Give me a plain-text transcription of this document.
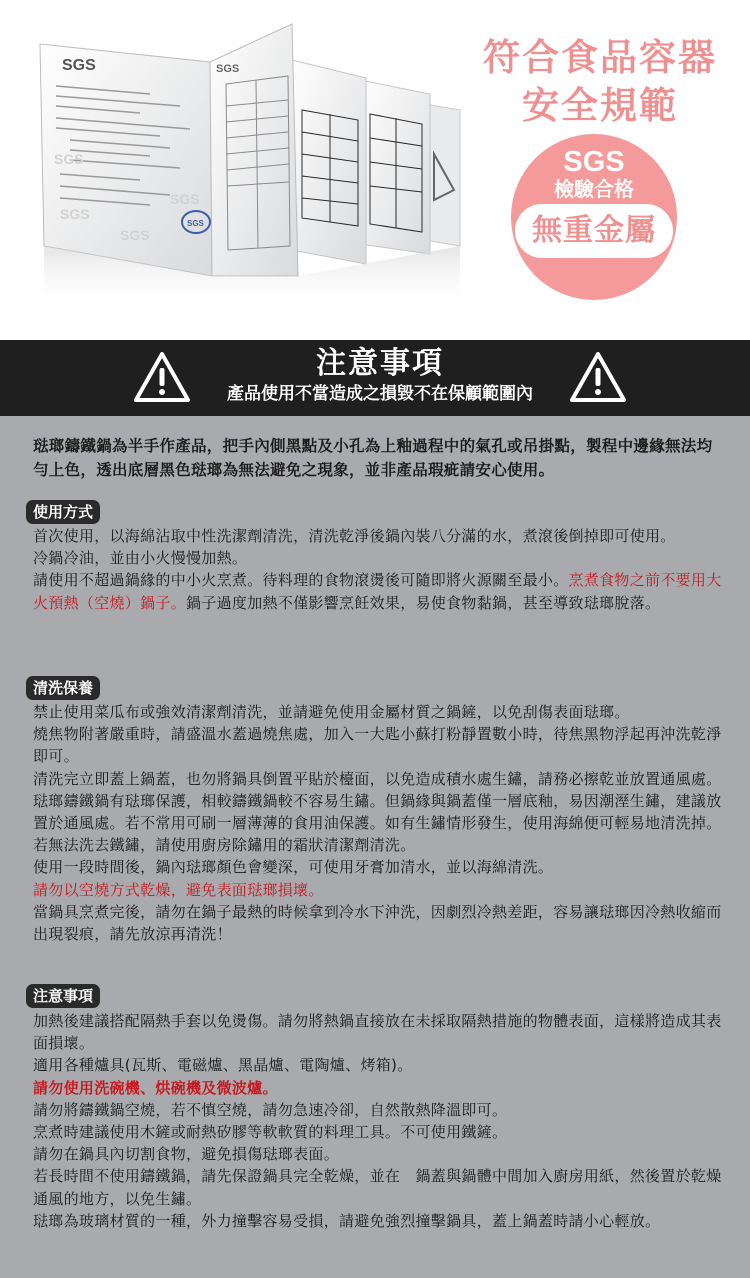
SGS	SGS
SGS
SGS
SGS
SGS
SGS
符合食品容器
安全規範
SGS
檢驗合格
無重金屬
注意事項
產品使用不當造成之損毀不在保顧範圍內

琺瑯鑄鐵鍋為半手作產品，把手內側黑點及小孔為上釉過程中的氣孔或吊掛點，製程中邊緣無法均勻上色，透出底層黑色琺瑯為無法避免之現象，並非產品瑕疵請安心使用。

使用方式

首次使用，以海綿沾取中性洗潔劑清洗，清洗乾淨後鍋內裝八分滿的水，煮滾後倒掉即可使用。

冷鍋冷油，並由小火慢慢加熱。

請使用不超過鍋緣的中小火烹煮。待料理的食物滾燙後可隨即將火源關至最小。烹煮食物之前不要用大火預熱（空燒）鍋子。鍋子過度加熱不僅影響烹飪效果，易使食物黏鍋，甚至導致琺瑯脫落。

清洗保養

禁止使用菜瓜布或強效清潔劑清洗，並請避免使用金屬材質之鍋鏟，以免刮傷表面琺瑯。

燒焦物附著嚴重時，請盛溫水蓋過燒焦處，加入一大匙小蘇打粉靜置數小時，待焦黑物浮起再沖洗乾淨即可。

清洗完立即蓋上鍋蓋，也勿將鍋具倒置平貼於檯面，以免造成積水處生鏽，請務必擦乾並放置通風處。

琺瑯鑄鐵鍋有琺瑯保護，相較鑄鐵鍋較不容易生鏽。但鍋緣與鍋蓋僅一層底釉，易因潮溼生鏽，建議放置於通風處。若不常用可刷一層薄薄的食用油保護。如有生鏽情形發生，使用海綿便可輕易地清洗掉。若無法洗去鐵鏽，請使用廚房除鏽用的霜狀清潔劑清洗。

使用一段時間後，鍋內琺瑯顏色會變深，可使用牙膏加清水，並以海綿清洗。

請勿以空燒方式乾燥，避免表面琺瑯損壞。

當鍋具烹煮完後，請勿在鍋子最熱的時候拿到冷水下沖洗，因劇烈冷熱差距，容易讓琺瑯因冷熱收縮而出現裂痕，請先放涼再清洗！

注意事項

加熱後建議搭配隔熱手套以免燙傷。請勿將熱鍋直接放在未採取隔熱措施的物體表面，這樣將造成其表面損壞。

適用各種爐具(瓦斯、電磁爐、黑晶爐、電陶爐、烤箱)。

請勿使用洗碗機、烘碗機及微波爐。

請勿將鑄鐵鍋空燒，若不慎空燒，請勿急速冷卻，自然散熱降溫即可。

烹煮時建議使用木鏟或耐熱矽膠等軟軟質的料理工具。不可使用鐵鏟。

請勿在鍋具內切割食物，避免損傷琺瑯表面。

若長時間不使用鑄鐵鍋，請先保證鍋具完全乾燥，並在　鍋蓋與鍋體中間加入廚房用紙，然後置於乾燥通風的地方，以免生鏽。

琺瑯為玻璃材質的一種，外力撞擊容易受損，請避免強烈撞擊鍋具，蓋上鍋蓋時請小心輕放。
